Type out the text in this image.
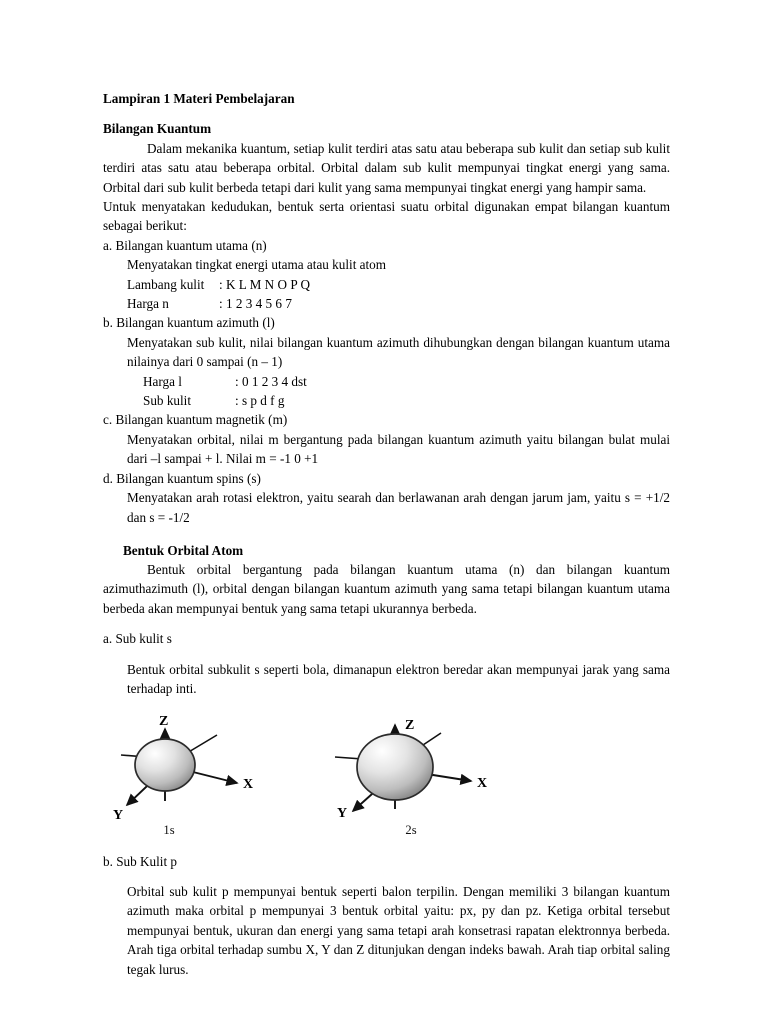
Lampiran 1 Materi Pembelajaran
Bilangan Kuantum

Dalam mekanika kuantum, setiap kulit terdiri atas satu atau beberapa sub kulit dan setiap sub kulit terdiri atas satu atau beberapa orbital. Orbital dalam sub kulit mempunyai tingkat energi yang sama. Orbital dari sub kulit berbeda tetapi dari kulit yang sama mempunyai tingkat energi yang hampir sama.

Untuk menyatakan kedudukan, bentuk serta orientasi suatu orbital digunakan empat bilangan kuantum sebagai berikut:

a. Bilangan kuantum utama (n)
Menyatakan tingkat energi utama atau kulit atom
Lambang kulit : K L M N O P Q
Harga n	: 1 2 3 4 5 6 7
b. Bilangan kuantum azimuth (l)
Menyatakan sub kulit, nilai bilangan kuantum azimuth dihubungkan dengan bilangan kuantum utama nilainya dari 0 sampai (n – 1)
Harga l	: 0 1 2 3 4 dst
Sub kulit	: s p d f g
c. Bilangan kuantum magnetik (m)
Menyatakan orbital, nilai m bergantung pada bilangan kuantum azimuth yaitu bilangan bulat mulai dari –l sampai + l. Nilai m = -1 0 +1
d. Bilangan kuantum spins (s)
Menyatakan arah rotasi elektron, yaitu searah dan berlawanan arah dengan jarum jam, yaitu s = +1/2 dan s = -1/2
Bentuk Orbital Atom

Bentuk orbital bergantung pada bilangan kuantum utama (n) dan bilangan kuantum azimuthazimuth (l), orbital dengan bilangan kuantum azimuth yang sama tetapi bilangan kuantum utama berbeda akan mempunyai bentuk yang sama tetapi ukurannya berbeda.

a. Sub kulit s
Bentuk orbital subkulit s seperti bola, dimanapun elektron beredar akan mempunyai jarak yang sama terhadap inti.
Z
X
Y
1s
Z
X
Y
2s
b. Sub Kulit p
Orbital sub kulit p mempunyai bentuk seperti balon terpilin. Dengan memiliki 3 bilangan kuantum azimuth maka orbital p mempunyai 3 bentuk orbital yaitu: px, py dan pz. Ketiga orbital tersebut mempunyai bentuk, ukuran dan energi yang sama tetapi arah konsetrasi rapatan elektronnya berbeda. Arah tiga orbital terhadap sumbu X, Y dan Z ditunjukan dengan indeks bawah. Arah tiap orbital saling tegak lurus.
